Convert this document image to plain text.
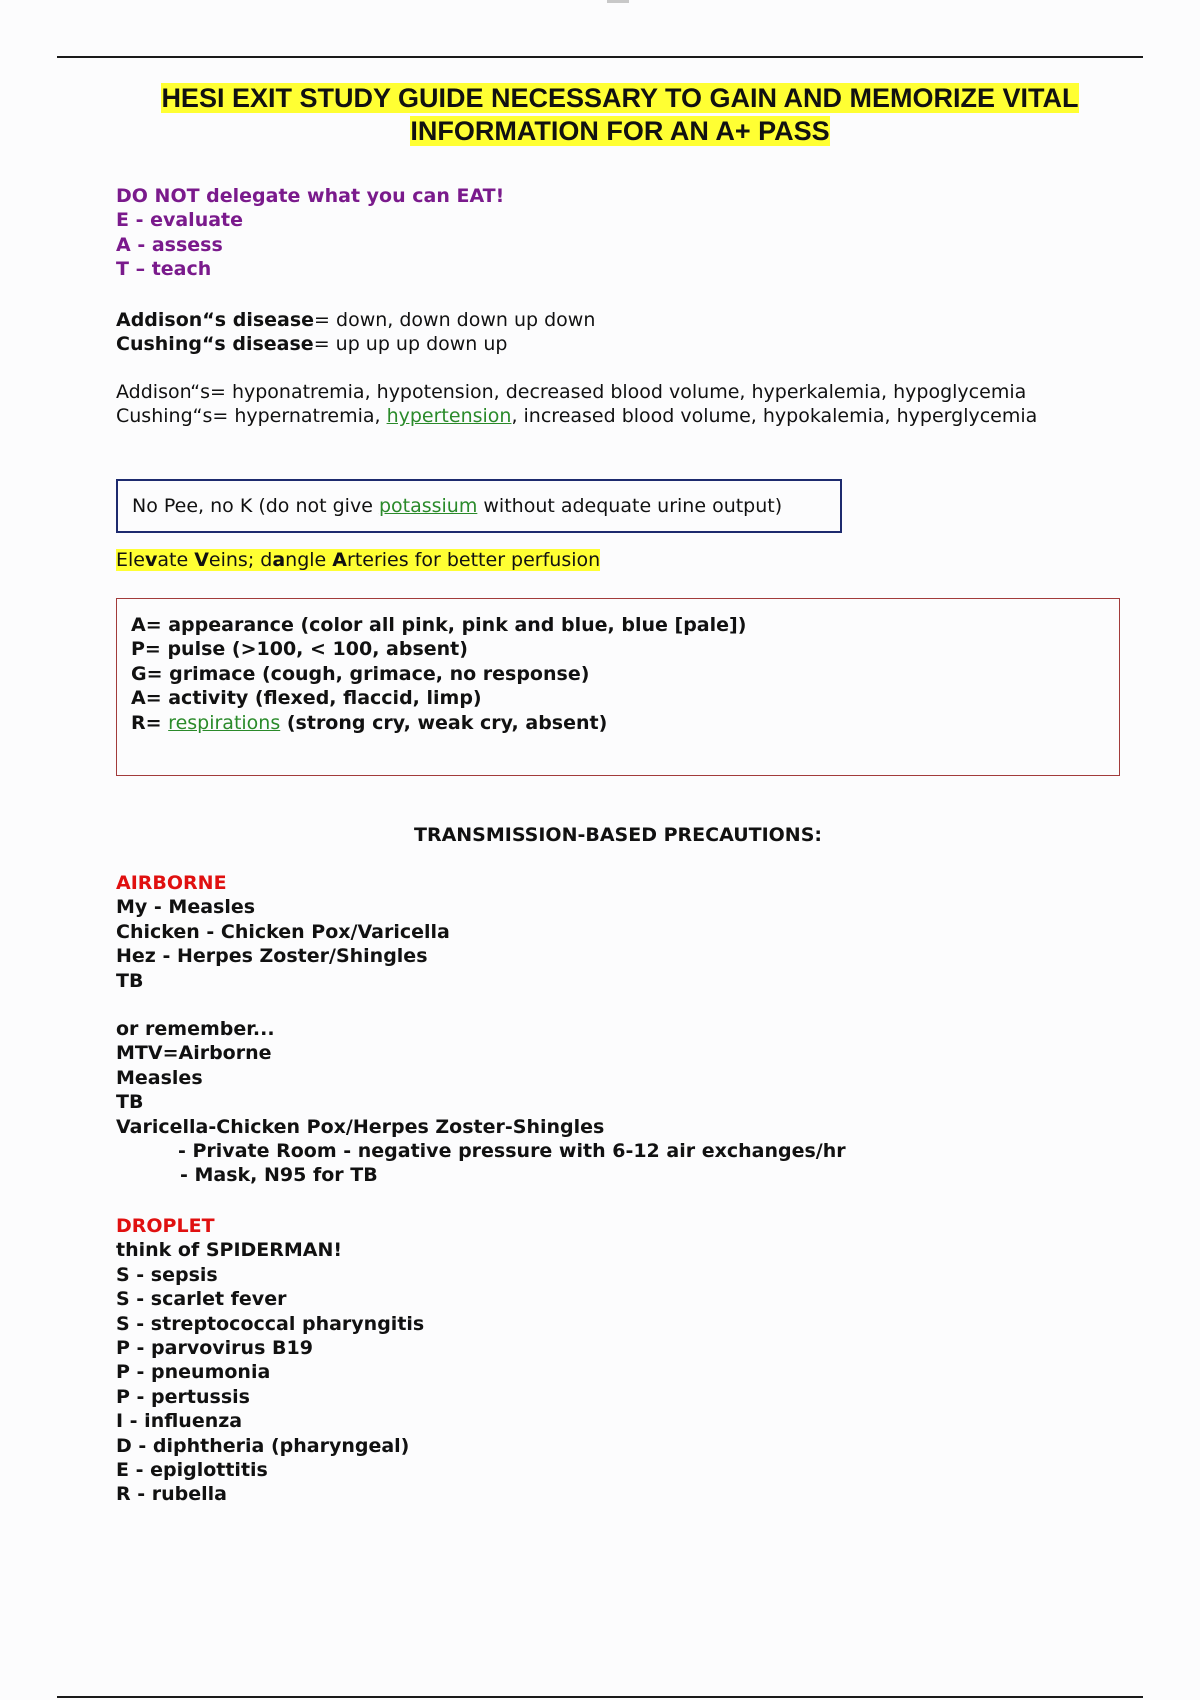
HESI EXIT STUDY GUIDE NECESSARY TO GAIN AND MEMORIZE VITAL
INFORMATION FOR AN A+ PASS
DO NOT delegate what you can EAT!
E - evaluate
A - assess
T – teach
Addison“s disease= down, down down up down
Cushing“s disease= up up up down up
Addison“s= hyponatremia, hypotension, decreased blood volume, hyperkalemia, hypoglycemia
Cushing“s= hypernatremia, hypertension, increased blood volume, hypokalemia, hyperglycemia
No Pee, no K (do not give potassium without adequate urine output)
Elevate Veins; dangle Arteries for better perfusion
A= appearance (color all pink, pink and blue, blue [pale])
P= pulse (>100, < 100, absent)
G= grimace (cough, grimace, no response)
A= activity (flexed, flaccid, limp)
R= respirations (strong cry, weak cry, absent)
TRANSMISSION-BASED PRECAUTIONS:
AIRBORNE
My - Measles
Chicken - Chicken Pox/Varicella
Hez - Herpes Zoster/Shingles
TB
or remember...
MTV=Airborne
Measles
TB
Varicella-Chicken Pox/Herpes Zoster-Shingles
- Private Room - negative pressure with 6-12 air exchanges/hr
- Mask, N95 for TB
DROPLET
think of SPIDERMAN!
S - sepsis
S - scarlet fever
S - streptococcal pharyngitis
P - parvovirus B19
P - pneumonia
P - pertussis
I - influenza
D - diphtheria (pharyngeal)
E - epiglottitis
R - rubella
